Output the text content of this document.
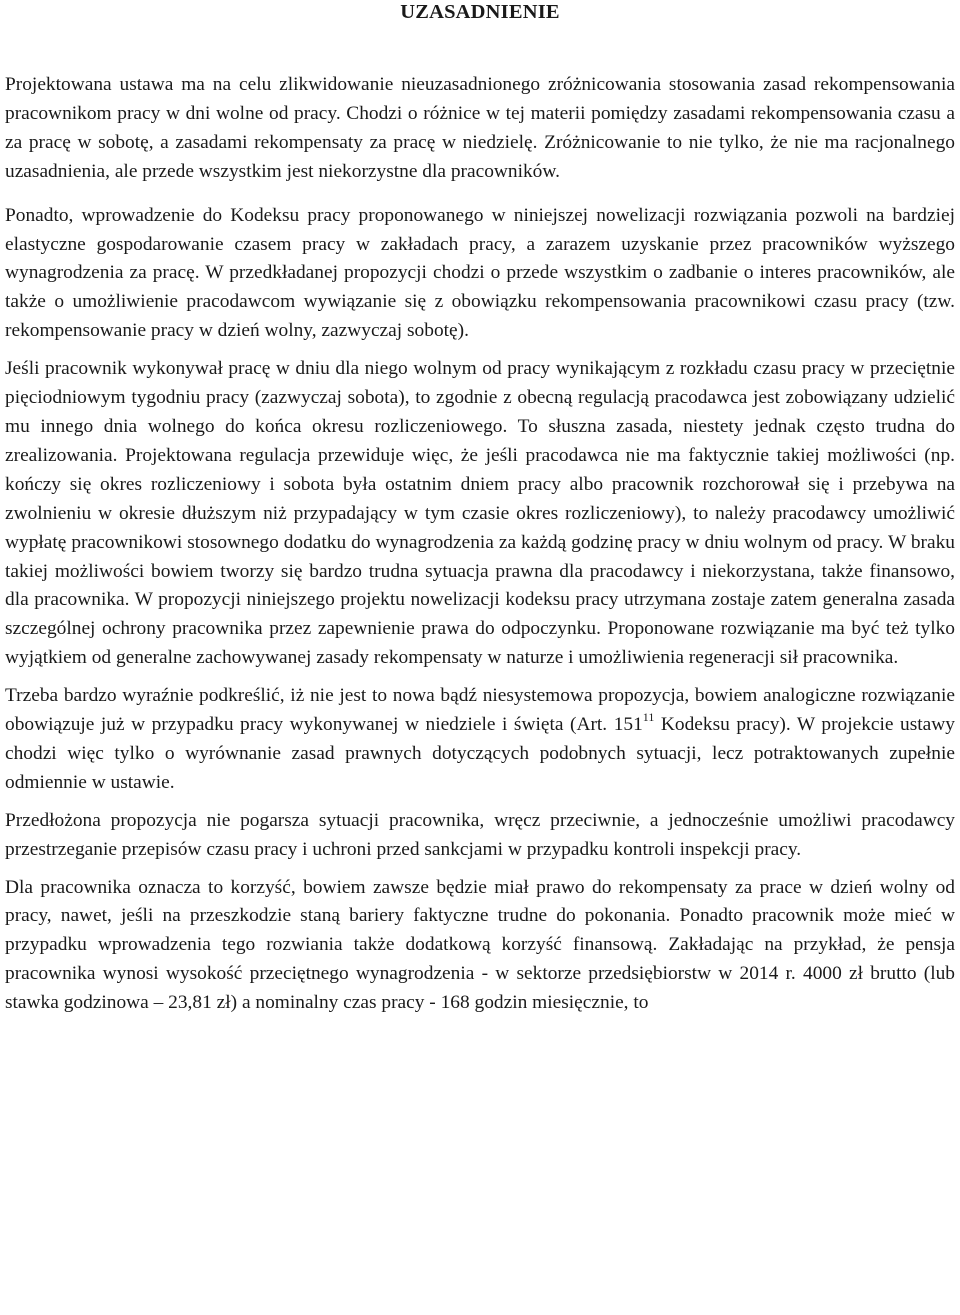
UZASADNIENIE

Projektowana ustawa ma na celu zlikwidowanie nieuzasadnionego zróżnicowania stosowania zasad rekompensowania pracownikom pracy w dni wolne od pracy. Chodzi o różnice w tej materii pomiędzy zasadami rekompensowania czasu a za pracę w sobotę, a zasadami rekompensaty za pracę w niedzielę. Zróżnicowanie to nie tylko, że nie ma racjonalnego uzasadnienia, ale przede wszystkim jest niekorzystne dla pracowników.

Ponadto, wprowadzenie do Kodeksu pracy proponowanego w niniejszej nowelizacji rozwiązania pozwoli na bardziej elastyczne gospodarowanie czasem pracy w zakładach pracy, a zarazem uzyskanie przez pracowników wyższego wynagrodzenia za pracę. W przedkładanej propozycji chodzi o przede wszystkim o zadbanie o interes pracowników, ale także o umożliwienie pracodawcom wywiązanie się z obowiązku rekompensowania pracownikowi czasu pracy (tzw. rekompensowanie pracy w dzień wolny, zazwyczaj sobotę).

Jeśli pracownik wykonywał pracę w dniu dla niego wolnym od pracy wynikającym z rozkładu czasu pracy w przeciętnie pięciodniowym tygodniu pracy (zazwyczaj sobota), to zgodnie z obecną regulacją pracodawca jest zobowiązany udzielić mu innego dnia wolnego do końca okresu rozliczeniowego. To słuszna zasada, niestety jednak często trudna do zrealizowania. Projektowana regulacja przewiduje więc, że jeśli pracodawca nie ma faktycznie takiej możliwości (np. kończy się okres rozliczeniowy i sobota była ostatnim dniem pracy albo pracownik rozchorował się i przebywa na zwolnieniu w okresie dłuższym niż przypadający w tym czasie okres rozliczeniowy), to należy pracodawcy umożliwić wypłatę pracownikowi stosownego dodatku do wynagrodzenia za każdą godzinę pracy w dniu wolnym od pracy. W braku takiej możliwości bowiem tworzy się bardzo trudna sytuacja prawna dla pracodawcy i niekorzystana, także finansowo, dla pracownika. W propozycji niniejszego projektu nowelizacji kodeksu pracy utrzymana zostaje zatem generalna zasada szczególnej ochrony pracownika przez zapewnienie prawa do odpoczynku. Proponowane rozwiązanie ma być też tylko wyjątkiem od generalne zachowywanej zasady rekompensaty w naturze i umożliwienia regeneracji sił pracownika.

Trzeba bardzo wyraźnie podkreślić, iż nie jest to nowa bądź niesystemowa propozycja, bowiem analogiczne rozwiązanie obowiązuje już w przypadku pracy wykonywanej w niedziele i święta (Art. $151^{11}$ Kodeksu pracy). W projekcie ustawy chodzi więc tylko o wyrównanie zasad prawnych dotyczących podobnych sytuacji, lecz potraktowanych zupełnie odmiennie w ustawie.

Przedłożona propozycja nie pogarsza sytuacji pracownika, wręcz przeciwnie, a jednocześnie umożliwi pracodawcy przestrzeganie przepisów czasu pracy i uchroni przed sankcjami w przypadku kontroli inspekcji pracy.

Dla pracownika oznacza to korzyść, bowiem zawsze będzie miał prawo do rekompensaty za prace w dzień wolny od pracy, nawet, jeśli na przeszkodzie staną bariery faktyczne trudne do pokonania. Ponadto pracownik może mieć w przypadku wprowadzenia tego rozwiania także dodatkową korzyść finansową. Zakładając na przykład, że pensja pracownika wynosi wysokość przeciętnego wynagrodzenia - w sektorze przedsiębiorstw w 2014 r. 4000 zł brutto (lub stawka godzinowa – 23,81 zł) a nominalny czas pracy - 168 godzin miesięcznie, to
